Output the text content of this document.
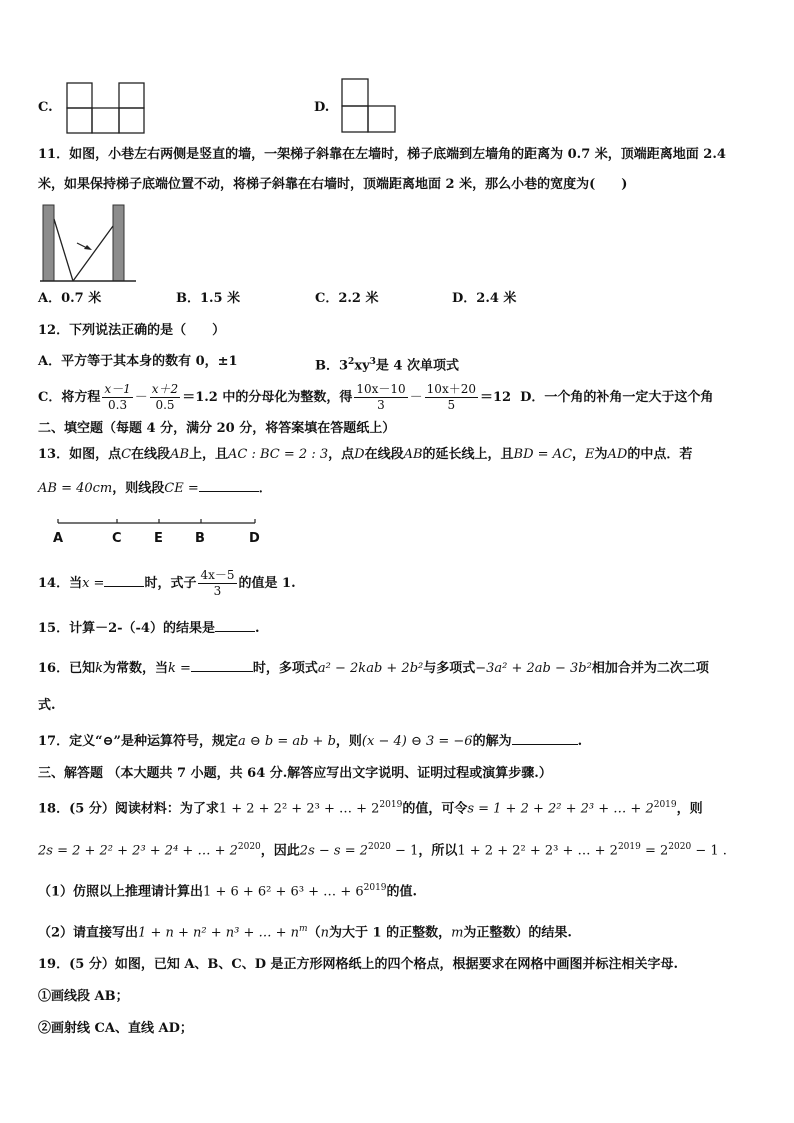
C.	D.
11．如图，小巷左右两侧是竖直的墙，一架梯子斜靠在左墙时，梯子底端到左墙角的距离为 0.7 米，顶端距离地面 2.4
米，如果保持梯子底端位置不动，将梯子斜靠在右墙时，顶端距离地面 2 米，那么小巷的宽度为(　　)
A．0.7 米	B．1.5 米	C．2.2 米	D．2.4 米
12．下列说法正确的是（　　）
A．平方等于其本身的数有 0，±1	B．$3^2xy^3$是 4 次单项式
C．将方程 $\frac{x-1}{0.3} - \frac{x+2}{0.5} =1.2$ 中的分母化为整数，得 $\frac{10x-10}{3} - \frac{10x+20}{5} =12$ D．一个角的补角一定大于这个角
二、填空题（每题 4 分，满分 20 分，将答案填在答题纸上）
13．如图，点C在线段AB上，且AC : BC = 2 : 3，点D在线段AB的延长线上，且BD = AC，E为AD的中点．若
AB = 40cm，则线段CE =	．
A	C E B	D
14．当x =	时，式子 $\frac{4x-5}{3}$ 的值是 1.
15．计算－2-（-4）的结果是	.
16．已知k为常数，当k =	时，多项式a² − 2kab + 2b²与多项式−3a² + 2ab − 3b²相加合并为二次二项
式.
17．定义“⊖”是种运算符号，规定a ⊖ b = ab + b，则(x − 4) ⊖ 3 = −6的解为	.
三、解答题 （本大题共 7 小题，共 64 分.解答应写出文字说明、证明过程或演算步骤.）
18．(5 分）阅读材料：为了求1 + 2 + 2² + 2³ + … + $2^{2019}$的值，可令s = 1 + 2 + 2² + 2³ + … + $2^{2019}$，则
2s = 2 + 2² + 2³ + 2⁴ + … + $2^{2020}$，因此$2s - s = 2^{2020} - 1$，所以1 + 2 + 2² + 2³ + … + $2^{2019} = 2^{2020} - 1$ .
（1）仿照以上推理请计算出1 + 6 + 6² + 6³ + … + $6^{2019}$的值.
（2）请直接写出1 + n + n² + n³ + … + $n^m(n$为大于 1 的正整数，m为正整数）的结果.
19．(5 分）如图，已知 A、B、C、D 是正方形网格纸上的四个格点，根据要求在网格中画图并标注相关字母.
①画线段 AB；
②画射线 CA、直线 AD；
